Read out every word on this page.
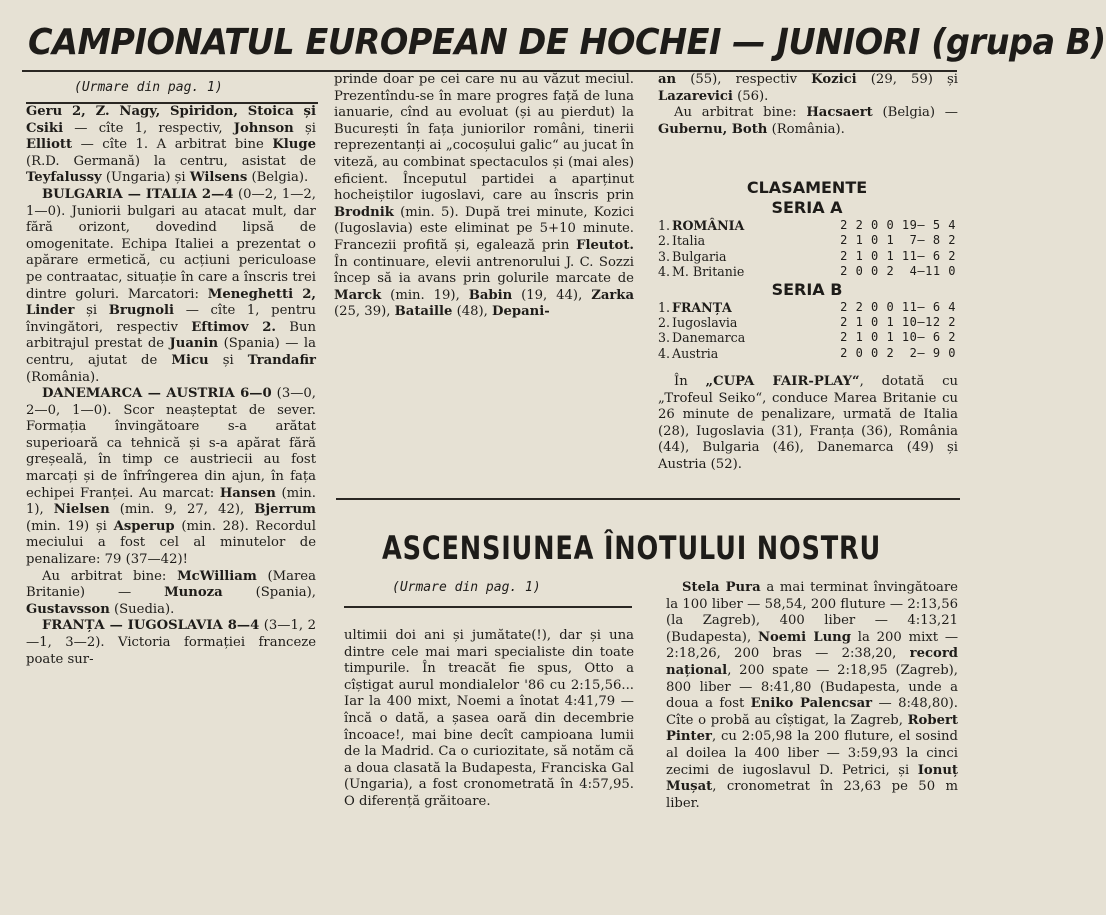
CAMPIONATUL EUROPEAN DE HOCHEI — JUNIORI (grupa B)
(Urmare din pag. 1)

Geru 2, Z. Nagy, Spiridon, Stoica și Csiki — cîte 1, respectiv, Johnson și Elliott — cîte 1. A arbitrat bine Kluge (R.D. Germană) la centru, asistat de Teyfalussy (Ungaria) și Wilsens (Belgia).

BULGARIA — ITALIA 2—4 (0—2, 1—2, 1—0). Juniorii bulgari au atacat mult, dar fără orizont, dovedind lipsă de omogenitate. Echipa Italiei a prezentat o apărare ermetică, cu acțiuni periculoase pe contraatac, situație în care a înscris trei dintre goluri. Marcatori: Meneghetti 2, Linder și Brugnoli — cîte 1, pentru învingători, respectiv Eftimov 2. Bun arbitrajul prestat de Juanin (Spania) — la centru, ajutat de Micu și Trandafir (România).

DANEMARCA — AUSTRIA 6—0 (3—0, 2—0, 1—0). Scor neașteptat de sever. Formația învingătoare s-a arătat superioară ca tehnică și s-a apărat fără greșeală, în timp ce austriecii au fost marcați și de înfrîngerea din ajun, în fața echipei Franței. Au marcat: Hansen (min. 1), Nielsen (min. 9, 27, 42), Bjerrum (min. 19) și Asperup (min. 28). Recordul meciului a fost cel al minutelor de penalizare: 79 (37—42)!

Au arbitrat bine: McWilliam (Marea Britanie) — Munoza (Spania), Gustavsson (Suedia).

FRANȚA — IUGOSLAVIA 8—4 (3—1, 2—1, 3—2). Victoria formației franceze poate sur-

prinde doar pe cei care nu au văzut meciul. Prezentîndu-se în mare progres față de luna ianuarie, cînd au evoluat (și au pierdut) la București în fața juniorilor români, tinerii reprezentanți ai „cocoșului galic“ au jucat în viteză, au combinat spectaculos și (mai ales) eficient. Începutul partidei a aparținut hocheiștilor iugoslavi, care au înscris prin Brodnik (min. 5). După trei minute, Kozici (Iugoslavia) este eliminat pe 5+10 minute. Francezii profită și, egalează prin Fleutot. În continuare, elevii antrenorului J. C. Sozzi încep să ia avans prin golurile marcate de Marck (min. 19), Babin (19, 44), Zarka (25, 39), Bataille (48), Depani-

an (55), respectiv Kozici (29, 59) și Lazarevici (56).

Au arbitrat bine: Hacsaert (Belgia) — Gubernu, Both (România).

CLASAMENTE
SERIA A
1.	ROMÂNIA	2 2 0 0 19— 5 4
2.	Italia	2 1 0 1  7— 8 2
3.	Bulgaria	2 1 0 1 11— 6 2
4.	M. Britanie	2 0 0 2  4—11 0
SERIA B
1.	FRANȚA	2 2 0 0 11— 6 4
2.	Iugoslavia	2 1 0 1 10—12 2
3.	Danemarca	2 1 0 1 10— 6 2
4.	Austria	2 0 0 2  2— 9 0

În „CUPA FAIR-PLAY“, dotată cu „Trofeul Seiko“, conduce Marea Britanie cu 26 minute de penalizare, urmată de Italia (28), Iugoslavia (31), Franța (36), România (44), Bulgaria (46), Danemarca (49) și Austria (52).

ASCENSIUNEA ÎNOTULUI NOSTRU
(Urmare din pag. 1)

ultimii doi ani și jumătate(!), dar și una dintre cele mai mari specialiste din toate timpurile. În treacăt fie spus, Otto a cîștigat aurul mondialelor '86 cu 2:15,56... Iar la 400 mixt, Noemi a înotat 4:41,79 — încă o dată, a șasea oară din decembrie încoace!, mai bine decît campioana lumii de la Madrid. Ca o curiozitate, să notăm că a doua clasată la Budapesta, Franciska Gal (Ungaria), a fost cronometrată în 4:57,95. O diferență grăitoare.

Stela Pura a mai terminat învingătoare la 100 liber — 58,54, 200 fluture — 2:13,56 (la Zagreb), 400 liber — 4:13,21 (Budapesta), Noemi Lung la 200 mixt — 2:18,26, 200 bras — 2:38,20, record național, 200 spate — 2:18,95 (Zagreb), 800 liber — 8:41,80 (Budapesta, unde a doua a fost Eniko Palencsar — 8:48,80). Cîte o probă au cîștigat, la Zagreb, Robert Pinter, cu 2:05,98 la 200 fluture, el sosind al doilea la 400 liber — 3:59,93 la cinci zecimi de iugoslavul D. Petrici, și Ionuț Mușat, cronometrat în 23,63 pe 50 m liber.
